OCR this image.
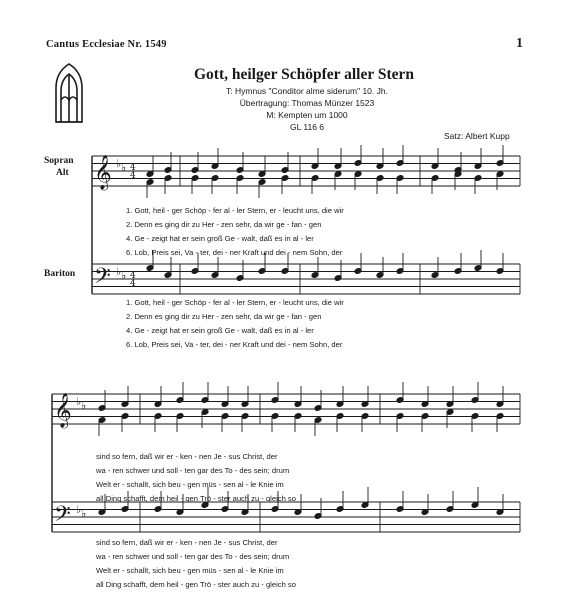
Cantus Ecclesiae Nr. 1549	1
𝄞
𝄢
𝄞
𝄢
♭ ♭
♭ ♭
♭ ♭
♭ ♭
4
4
4
4
Gott, heilger Schöpfer aller Stern
T: Hymnus "Conditor alme siderum" 10. Jh.
Übertragung: Thomas Münzer 1523
M: Kempten um 1000
GL 116 6
Satz: Albert Kupp
Sopran
Alt
Bariton
1. Gott, heil - ger Schöp - fer al - ler Stern, er - leucht uns, die wir
2. Denn es ging dir zu Her - zen sehr, da wir ge - fan - gen
4. Ge - zeigt hat er sein groß Ge - walt, daß es in al - ler
6. Lob, Preis sei, Va - ter, dei - ner Kraft und dei - nem Sohn, der
1. Gott, heil - ger Schöp - fer al - ler Stern, er - leucht uns, die wir
2. Denn es ging dir zu Her - zen sehr, da wir ge - fan - gen
4. Ge - zeigt hat er sein groß Ge - walt, daß es in al - ler
6. Lob, Preis sei, Va - ter, dei - ner Kraft und dei - nem Sohn, der
sind so fern, daß wir er - ken - nen Je - sus Christ, der
wa - ren schwer und soll - ten gar des To - des sein; drum
Welt er - schallt, sich beu - gen müs - sen al - le Knie im
all Ding schafft, dem heil - gen Trö - ster auch zu - gleich so
sind so fern, daß wir er - ken - nen Je - sus Christ, der
wa - ren schwer und soll - ten gar des To - des sein; drum
Welt er - schallt, sich beu - gen müs - sen al - le Knie im
all Ding schafft, dem heil - gen Trö - ster auch zu - gleich so
